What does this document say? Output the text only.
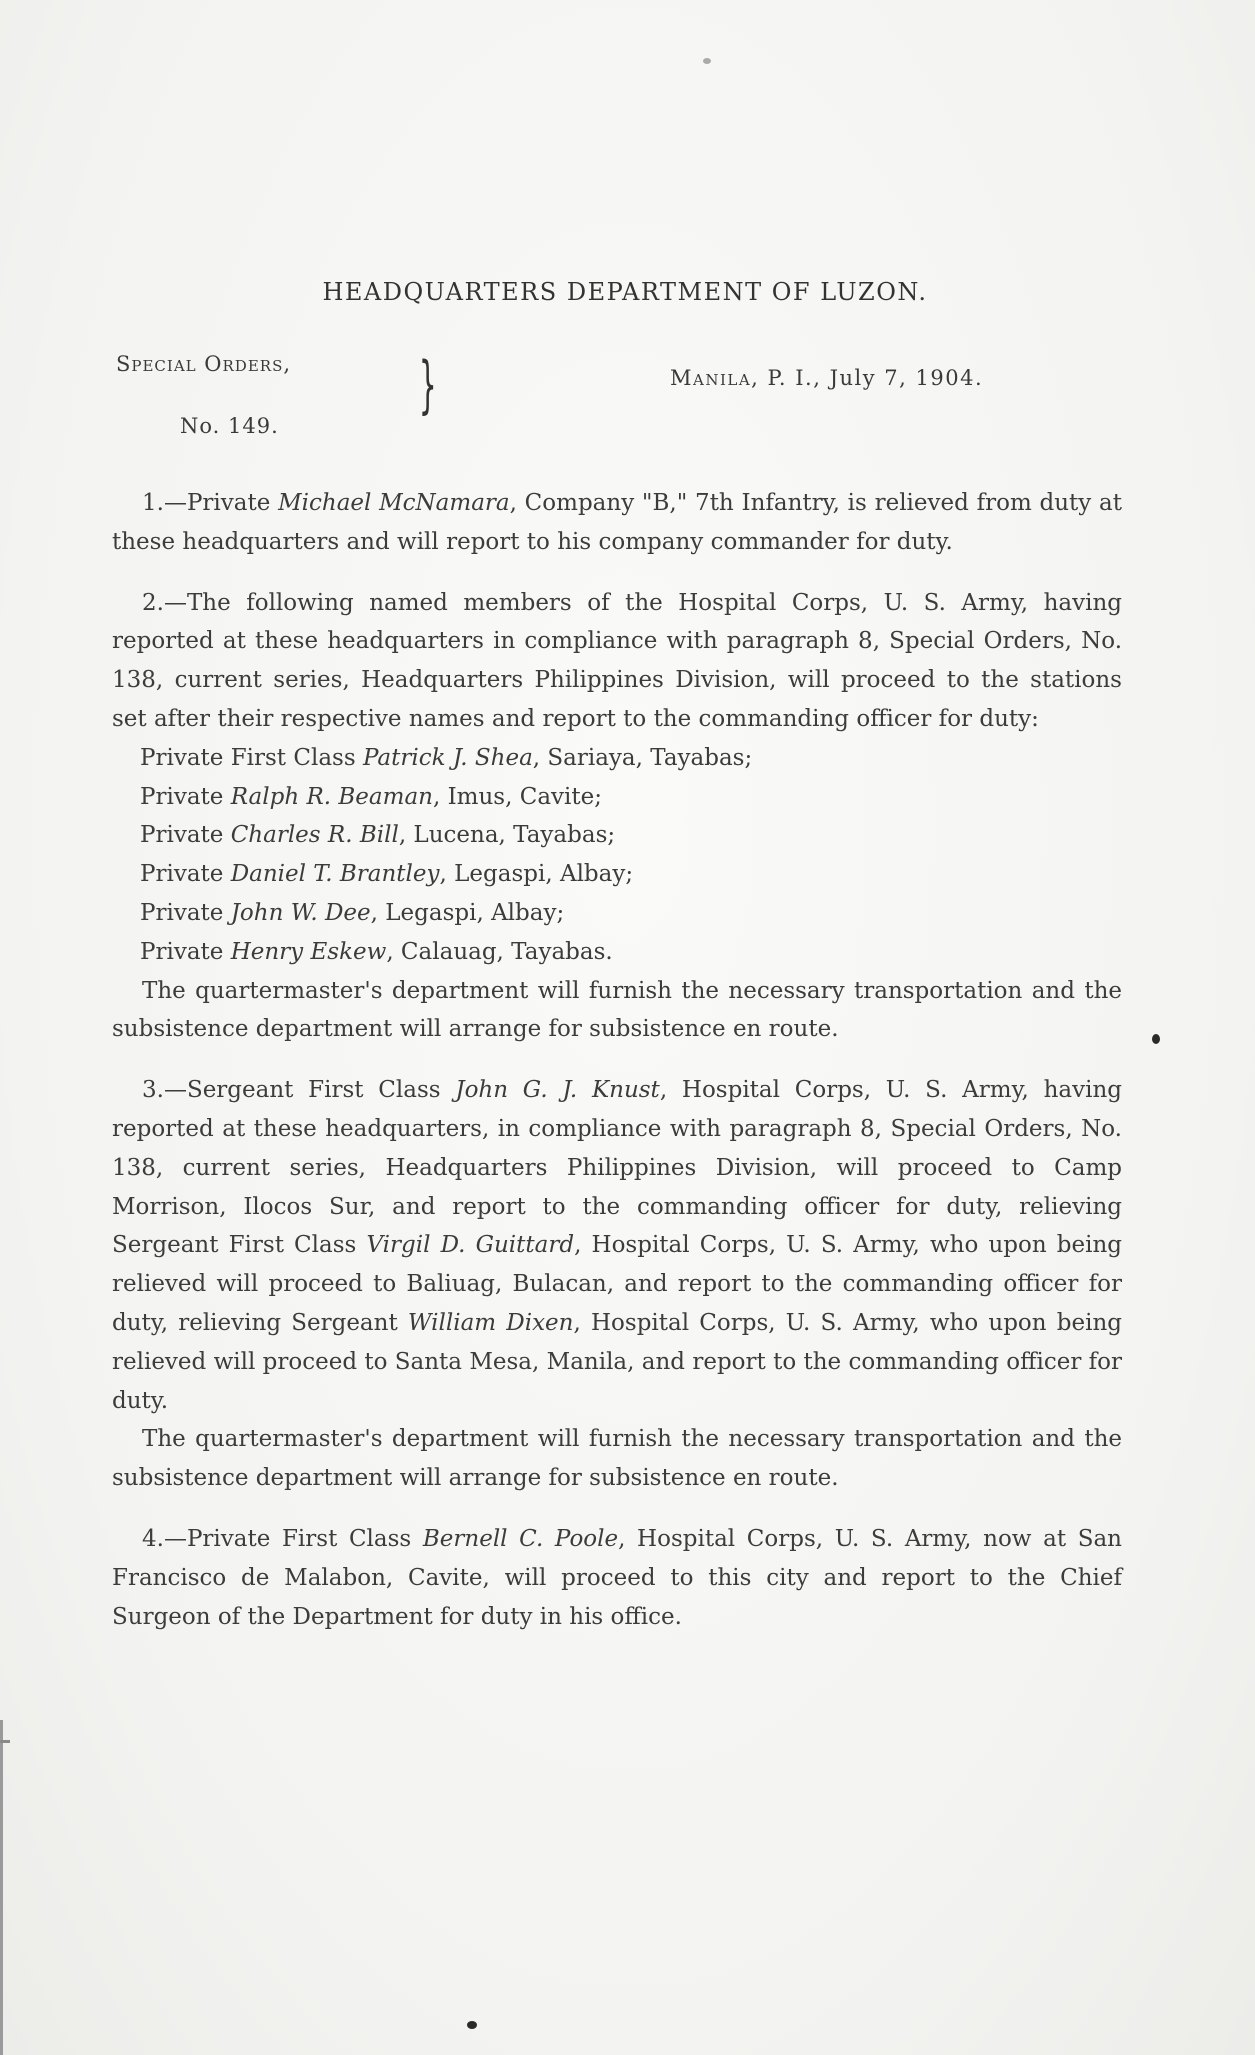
HEADQUARTERS DEPARTMENT OF LUZON.
Special Orders,
No. 149.
}	Manila, P. I., July 7, 1904.

1.—Private Michael McNamara, Company "B," 7th Infantry, is relieved from duty at these headquarters and will report to his company commander for duty.

2.—The following named members of the Hospital Corps, U. S. Army, having reported at these headquarters in compliance with paragraph 8, Special Orders, No. 138, current series, Headquarters Philippines Division, will proceed to the stations set after their respective names and report to the commanding officer for duty:

Private First Class Patrick J. Shea, Sariaya, Tayabas;
Private Ralph R. Beaman, Imus, Cavite;
Private Charles R. Bill, Lucena, Tayabas;
Private Daniel T. Brantley, Legaspi, Albay;
Private John W. Dee, Legaspi, Albay;
Private Henry Eskew, Calauag, Tayabas.

The quartermaster's department will furnish the necessary transportation and the subsistence department will arrange for subsistence en route.

3.—Sergeant First Class John G. J. Knust, Hospital Corps, U. S. Army, having reported at these headquarters, in compliance with paragraph 8, Special Orders, No. 138, current series, Headquarters Philippines Division, will proceed to Camp Morrison, Ilocos Sur, and report to the commanding officer for duty, relieving Sergeant First Class Virgil D. Guittard, Hospital Corps, U. S. Army, who upon being relieved will proceed to Baliuag, Bulacan, and report to the commanding officer for duty, relieving Sergeant William Dixen, Hospital Corps, U. S. Army, who upon being relieved will proceed to Santa Mesa, Manila, and report to the commanding officer for duty.

The quartermaster's department will furnish the necessary transportation and the subsistence department will arrange for subsistence en route.

4.—Private First Class Bernell C. Poole, Hospital Corps, U. S. Army, now at San Francisco de Malabon, Cavite, will proceed to this city and report to the Chief Surgeon of the Department for duty in his office.
